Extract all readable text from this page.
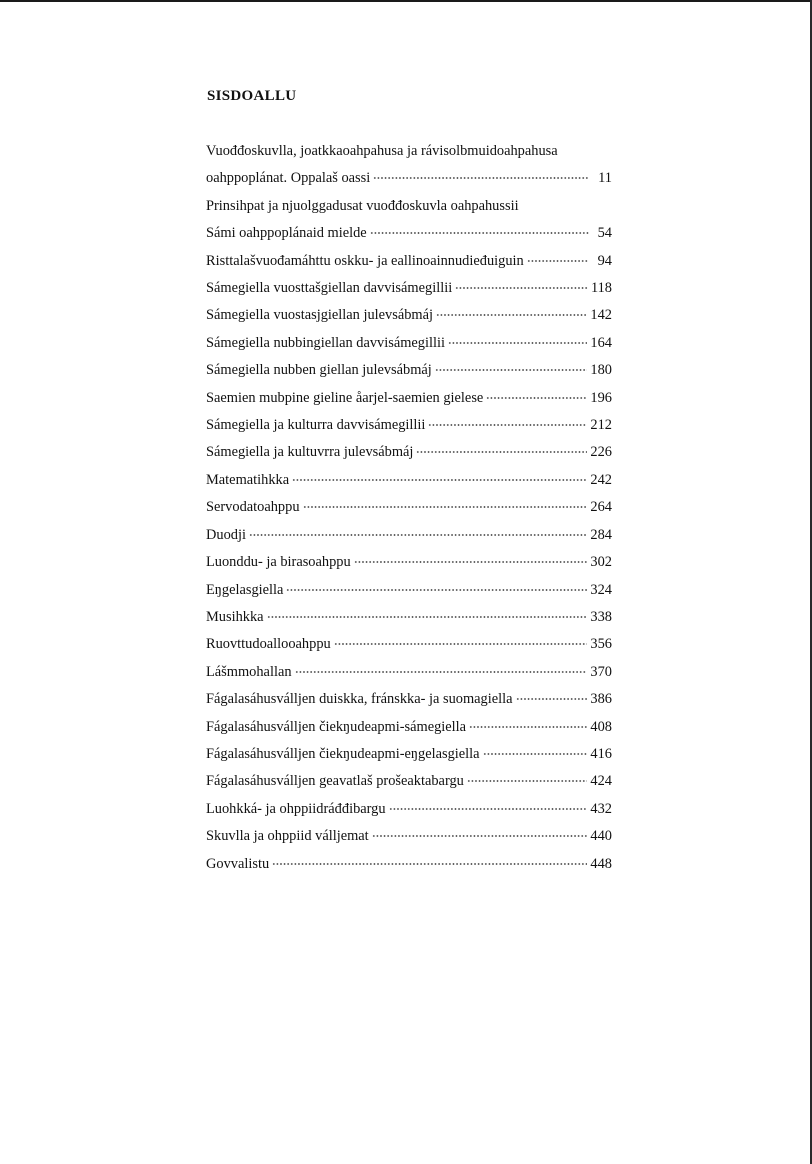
SISDOALLU
Vuođđoskuvlla, joatkkaoahpahusa ja rávisolbmuidoahpahusa
oahppoplánat. Oppalaš oassi	11
Prinsihpat ja njuolggadusat vuođđoskuvla oahpahussii
Sámi oahppoplánaid mielde	54
Risttalašvuođamáhttu oskku- ja eallinoainnudieđuiguin	94
Sámegiella vuosttašgiellan davvisámegillii	118
Sámegiella vuostasjgiellan julevsábmáj	142
Sámegiella nubbingiellan davvisámegillii	164
Sámegiella nubben giellan julevsábmáj	180
Saemien mubpine gieline åarjel-saemien gielese	196
Sámegiella ja kulturra davvisámegillii	212
Sámegiella ja kultuvrra julevsábmáj	226
Matematihkka	242
Servodatoahppu	264
Duodji	284
Luonddu- ja birasoahppu	302
Eŋgelasgiella	324
Musihkka	338
Ruovttudoallooahppu	356
Lášmmohallan	370
Fágalasáhusválljen duiskka, fránskka- ja suomagiella	386
Fágalasáhusválljen čiekŋudeapmi-sámegiella	408
Fágalasáhusválljen čiekŋudeapmi-eŋgelasgiella	416
Fágalasáhusválljen geavatlaš prošeaktabargu	424
Luohkká- ja ohppiidráđđibargu	432
Skuvlla ja ohppiid válljemat	440
Govvalistu	448
